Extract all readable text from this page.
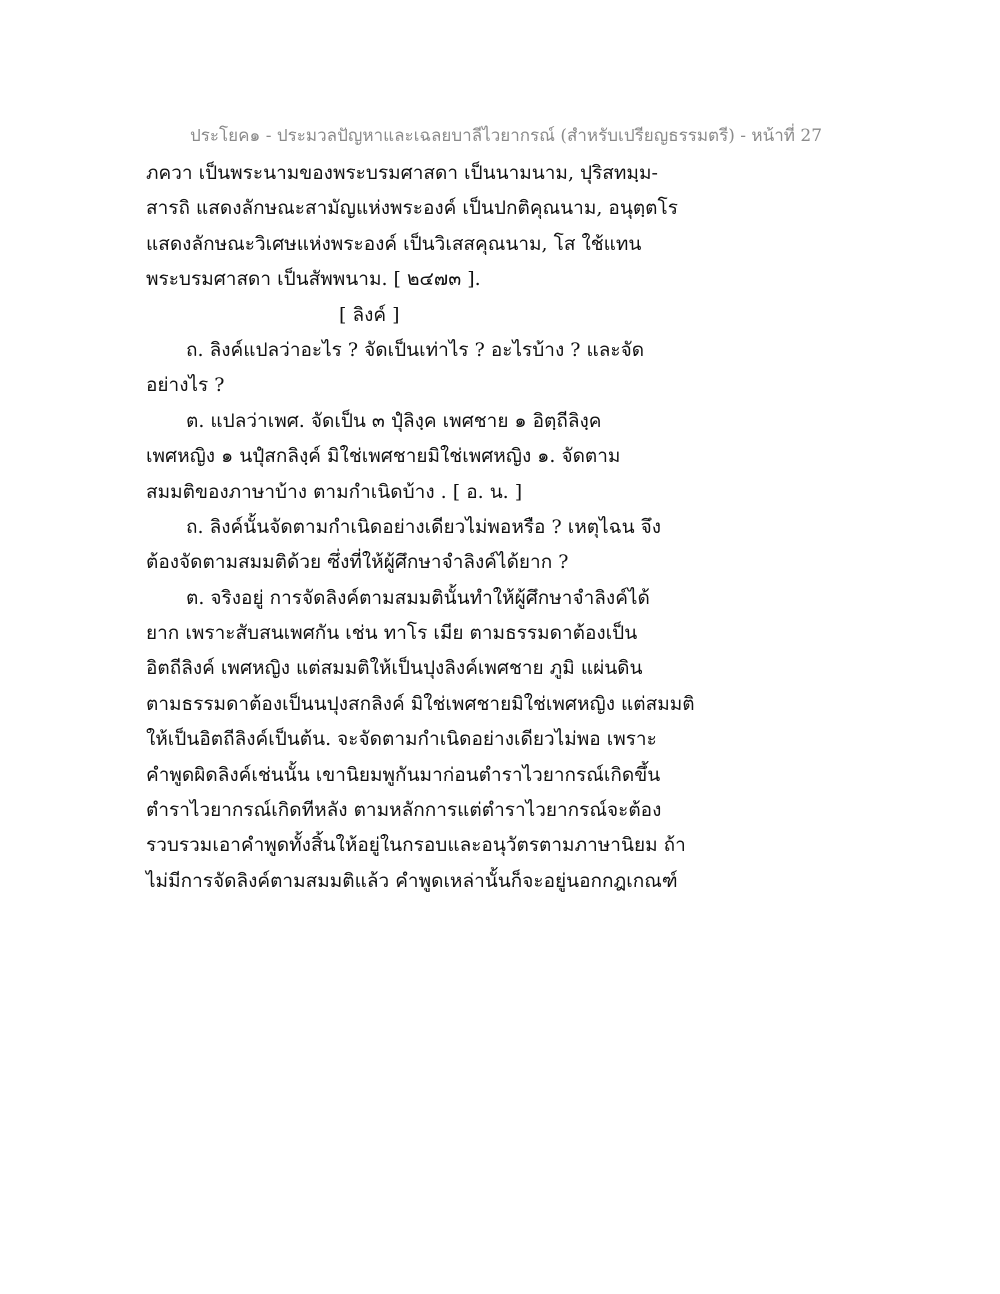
ประโยค๑ - ประมวลปัญหาและเฉลยบาลีไวยากรณ์ (สำหรับเปรียญธรรมตรี) - หน้าที่ 27
ภควา เป็นพระนามของพระบรมศาสดา เป็นนามนาม, ปุริสทมฺม-
สารถิ แสดงลักษณะสามัญแห่งพระองค์ เป็นปกติคุณนาม, อนุตฺตโร
แสดงลักษณะวิเศษแห่งพระองค์ เป็นวิเสสคุณนาม, โส ใช้แทน
พระบรมศาสดา เป็นสัพพนาม. [ ๒๔๗๓ ].
[ ลิงค์ ]
ถ. ลิงค์แปลว่าอะไร ? จัดเป็นเท่าไร ? อะไรบ้าง ? และจัด
อย่างไร ?
ต. แปลว่าเพศ. จัดเป็น ๓ ปุํลิงฺค เพศชาย ๑ อิตฺถีลิงฺค
เพศหญิง ๑ นปุํสกลิงฺค์ มิใช่เพศชายมิใช่เพศหญิง ๑. จัดตาม
สมมติของภาษาบ้าง ตามกำเนิดบ้าง . [ อ. น. ]
ถ. ลิงค์นั้นจัดตามกำเนิดอย่างเดียวไม่พอหรือ ? เหตุไฉน จึง
ต้องจัดตามสมมติด้วย ซึ่งที่ให้ผู้ศึกษาจำลิงค์ได้ยาก ?
ต. จริงอยู่ การจัดลิงค์ตามสมมตินั้นทำให้ผู้ศึกษาจำลิงค์ได้
ยาก เพราะสับสนเพศกัน เช่น ทาโร เมีย ตามธรรมดาต้องเป็น
อิตถีลิงค์ เพศหญิง แต่สมมติให้เป็นปุงลิงค์เพศชาย ภูมิ แผ่นดิน
ตามธรรมดาต้องเป็นนปุงสกลิงค์ มิใช่เพศชายมิใช่เพศหญิง แต่สมมติ
ให้เป็นอิตถีลิงค์เป็นต้น. จะจัดตามกำเนิดอย่างเดียวไม่พอ เพราะ
คำพูดผิดลิงค์เช่นนั้น เขานิยมพูกันมาก่อนตำราไวยากรณ์เกิดขึ้น
ตำราไวยากรณ์เกิดทีหลัง ตามหลักการแต่ตำราไวยากรณ์จะต้อง
รวบรวมเอาคำพูดทั้งสิ้นให้อยู่ในกรอบและอนุวัตรตามภาษานิยม ถ้า
ไม่มีการจัดลิงค์ตามสมมติแล้ว คำพูดเหล่านั้นก็จะอยู่นอกกฎเกณฑ์
